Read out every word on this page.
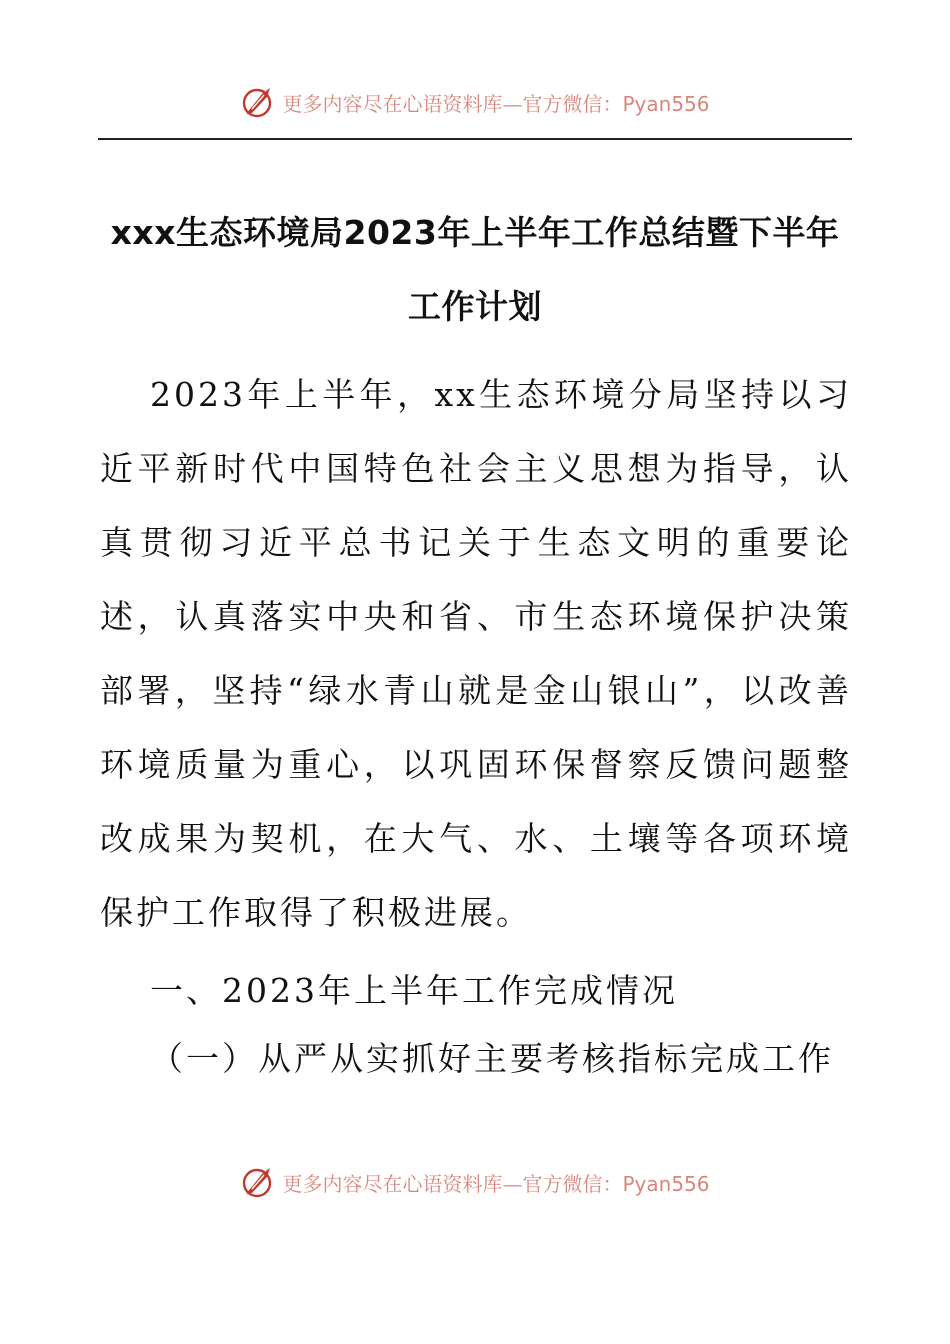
更多内容尽在心语资料库—官方微信：Pyan556
xxx生态环境局2023年上半年工作总结暨下半年工作计划

2023年上半年，xx生态环境分局坚持以习近平新时代中国特色社会主义思想为指导，认真贯彻习近平总书记关于生态文明的重要论述，认真落实中央和省、市生态环境保护决策部署，坚持“绿水青山就是金山银山”，以改善环境质量为重心，以巩固环保督察反馈问题整改成果为契机，在大气、水、土壤等各项环境保护工作取得了积极进展。

一、2023年上半年工作完成情况
（一）从严从实抓好主要考核指标完成工作
更多内容尽在心语资料库—官方微信：Pyan556
